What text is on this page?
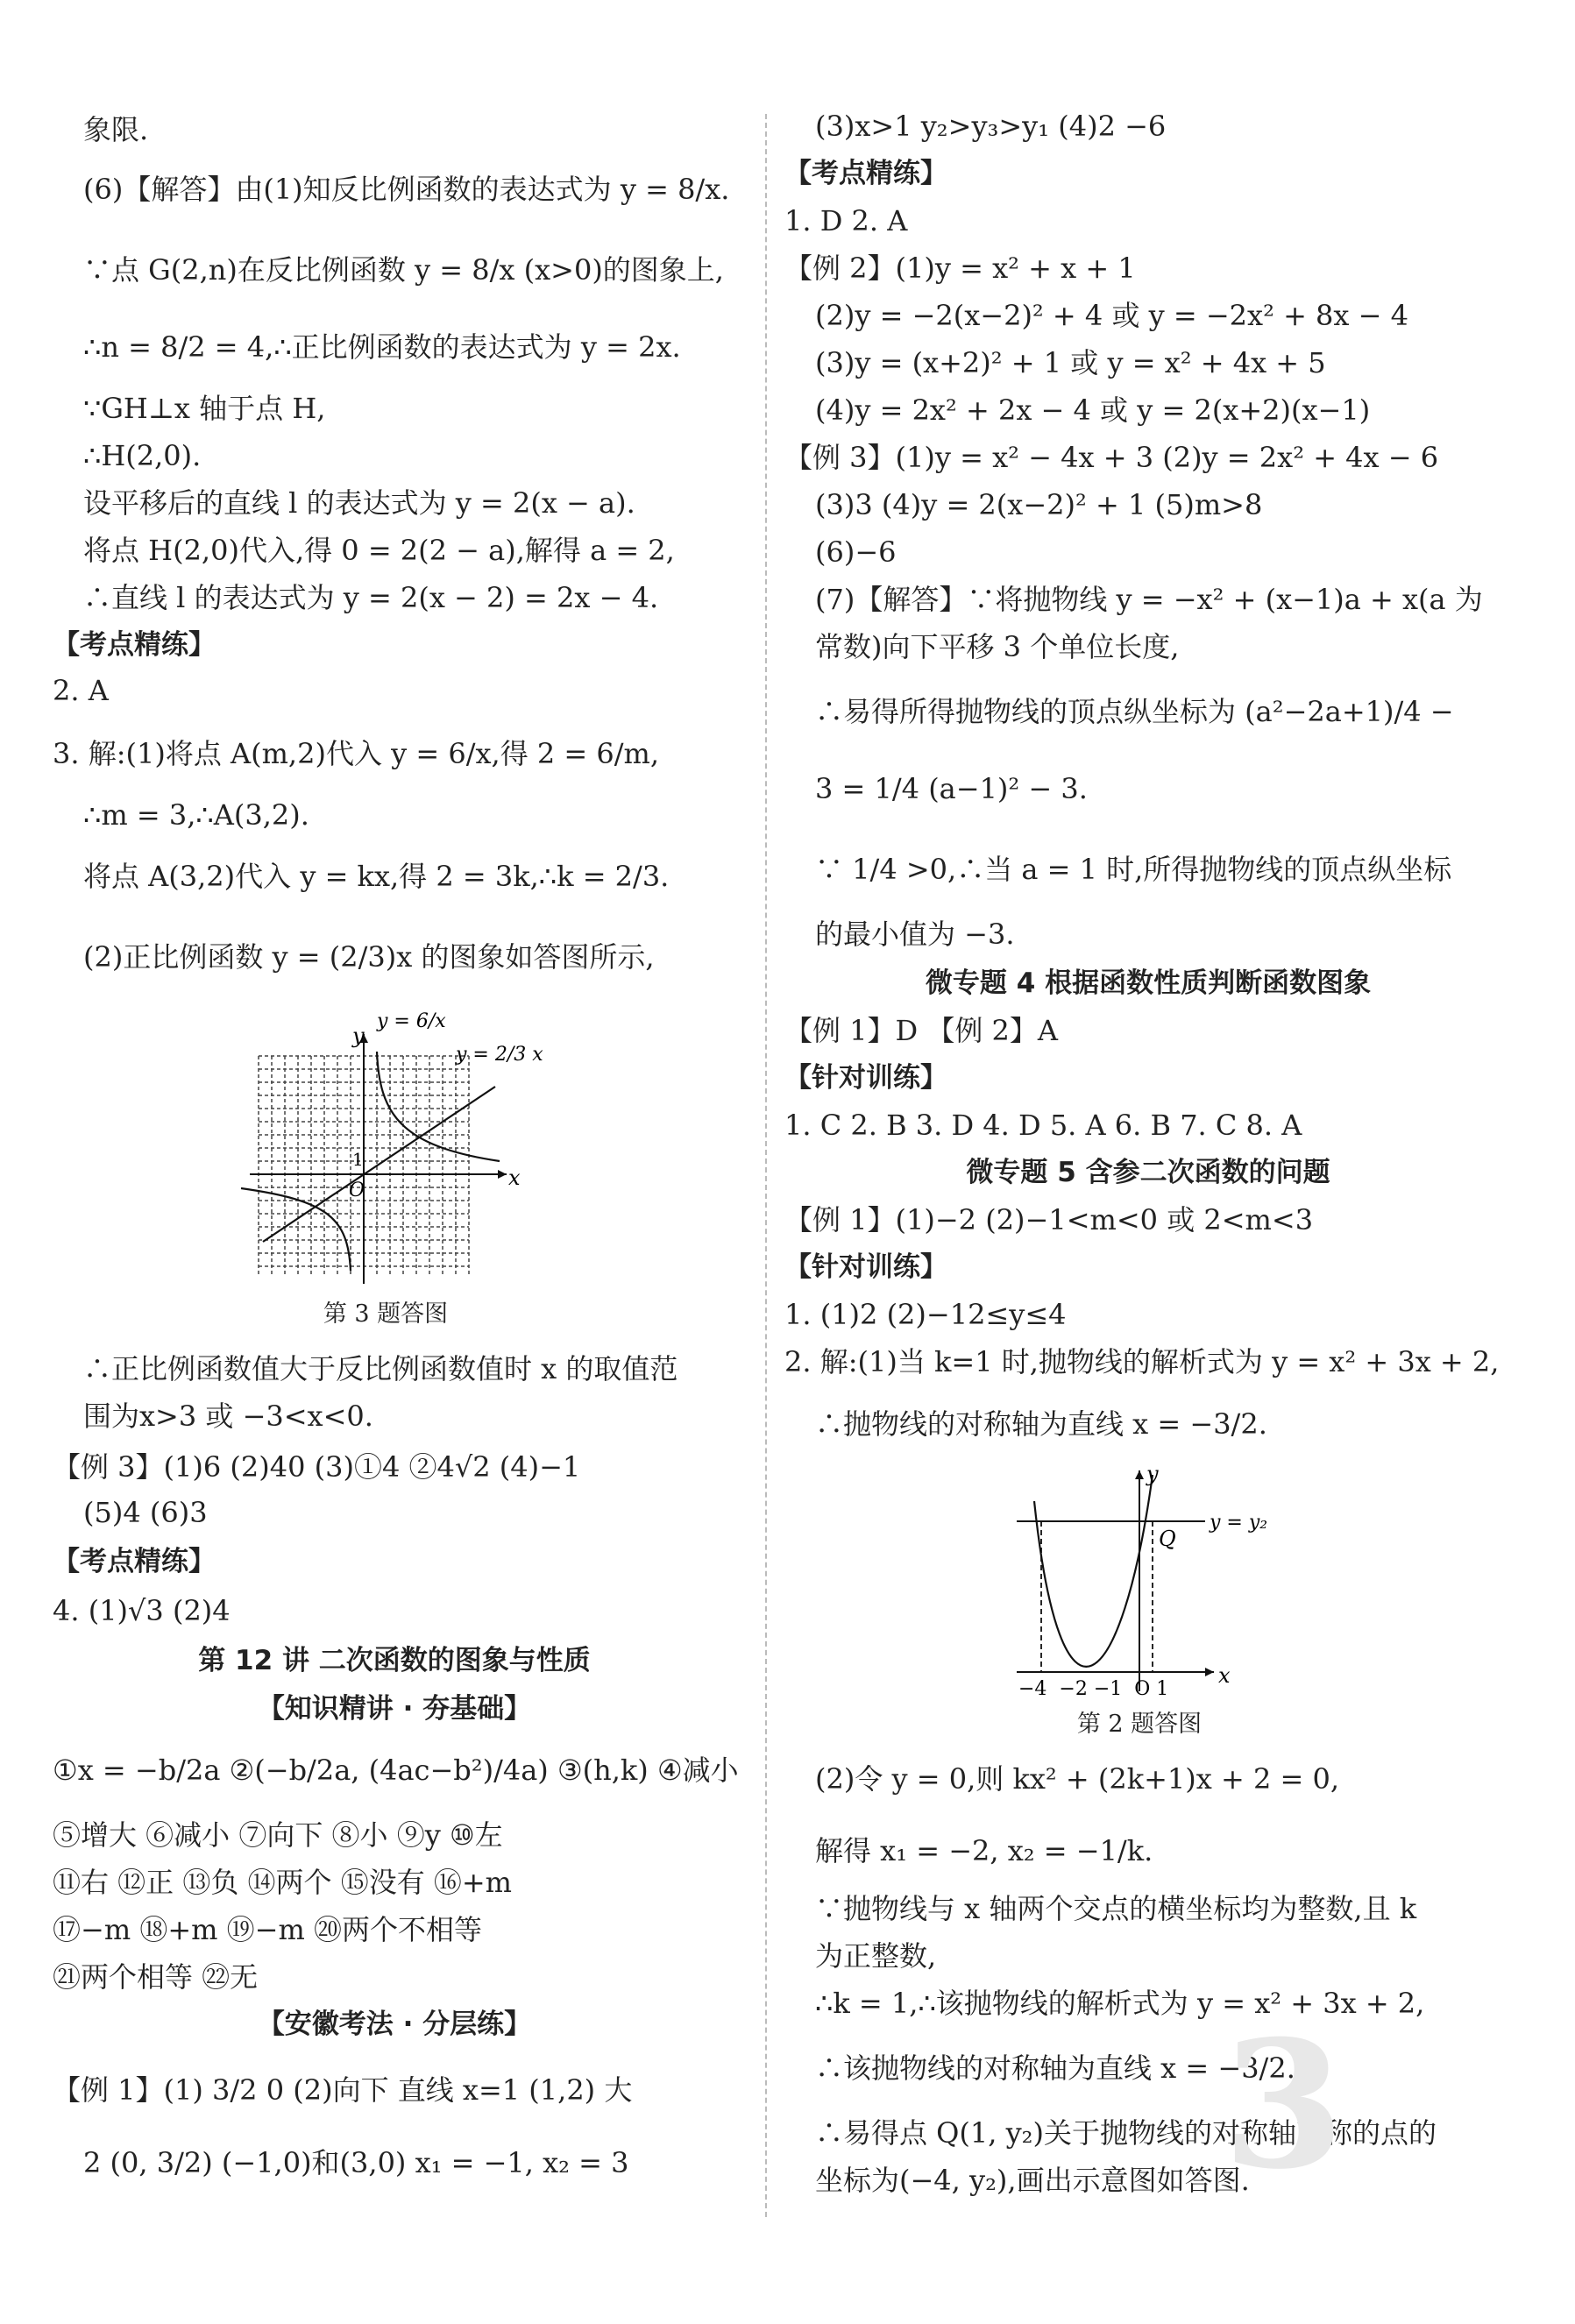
象限.
(6)【解答】由(1)知反比例函数的表达式为 y = 8/x.
∵点 G(2,n)在反比例函数 y = 8/x (x>0)的图象上,
∴n = 8/2 = 4,∴正比例函数的表达式为 y = 2x.
∵GH⊥x 轴于点 H,
∴H(2,0).
设平移后的直线 l 的表达式为 y = 2(x − a).
将点 H(2,0)代入,得 0 = 2(2 − a),解得 a = 2,
∴直线 l 的表达式为 y = 2(x − 2) = 2x − 4.
【考点精练】
2. A
3. 解:(1)将点 A(m,2)代入 y = 6/x,得 2 = 6/m,
∴m = 3,∴A(3,2).
将点 A(3,2)代入 y = kx,得 2 = 3k,∴k = 2/3.
(2)正比例函数 y = (2/3)x 的图象如答图所示,
x
y
O
1
y = 6/x
y = 2/3 x
第 3 题答图
∴正比例函数值大于反比例函数值时 x 的取值范
围为x>3 或 −3<x<0.
【例 3】(1)6 (2)40 (3)①4 ②4√2 (4)−1
(5)4 (6)3
【考点精练】
4. (1)√3 (2)4
第 12 讲 二次函数的图象与性质
【知识精讲 · 夯基础】
①x = −b/2a ②(−b/2a, (4ac−b²)/4a) ③(h,k) ④减小
⑤增大 ⑥减小 ⑦向下 ⑧小 ⑨y ⑩左
⑪右 ⑫正 ⑬负 ⑭两个 ⑮没有 ⑯+m
⑰−m ⑱+m ⑲−m ⑳两个不相等
㉑两个相等 ㉒无
【安徽考法 · 分层练】
【例 1】(1) 3/2 0 (2)向下 直线 x=1 (1,2) 大
2 (0, 3/2) (−1,0)和(3,0) x₁ = −1, x₂ = 3
(3)x>1 y₂>y₃>y₁ (4)2 −6
【考点精练】
1. D 2. A
【例 2】(1)y = x² + x + 1
(2)y = −2(x−2)² + 4 或 y = −2x² + 8x − 4
(3)y = (x+2)² + 1 或 y = x² + 4x + 5
(4)y = 2x² + 2x − 4 或 y = 2(x+2)(x−1)
【例 3】(1)y = x² − 4x + 3 (2)y = 2x² + 4x − 6
(3)3 (4)y = 2(x−2)² + 1 (5)m>8
(6)−6
(7)【解答】∵将抛物线 y = −x² + (x−1)a + x(a 为
常数)向下平移 3 个单位长度,
∴易得所得抛物线的顶点纵坐标为 (a²−2a+1)/4 −
3 = 1/4 (a−1)² − 3.
∵ 1/4 >0,∴当 a = 1 时,所得抛物线的顶点纵坐标
的最小值为 −3.
微专题 4 根据函数性质判断函数图象
【例 1】D 【例 2】A
【针对训练】
1. C 2. B 3. D 4. D 5. A 6. B 7. C 8. A
微专题 5 含参二次函数的问题
【例 1】(1)−2 (2)−1<m<0 或 2<m<3
【针对训练】
1. (1)2 (2)−12≤y≤4
2. 解:(1)当 k=1 时,抛物线的解析式为 y = x² + 3x + 2,
∴抛物线的对称轴为直线 x = −3/2.
x
y
y = y₂
Q
−4  −2 −1  O 1
第 2 题答图
(2)令 y = 0,则 kx² + (2k+1)x + 2 = 0,
解得 x₁ = −2, x₂ = −1/k.
∵抛物线与 x 轴两个交点的横坐标均为整数,且 k
为正整数,
∴k = 1,∴该抛物线的解析式为 y = x² + 3x + 2,
∴该抛物线的对称轴为直线 x = −3/2.
∴易得点 Q(1, y₂)关于抛物线的对称轴对称的点的
坐标为(−4, y₂),画出示意图如答图.
3
